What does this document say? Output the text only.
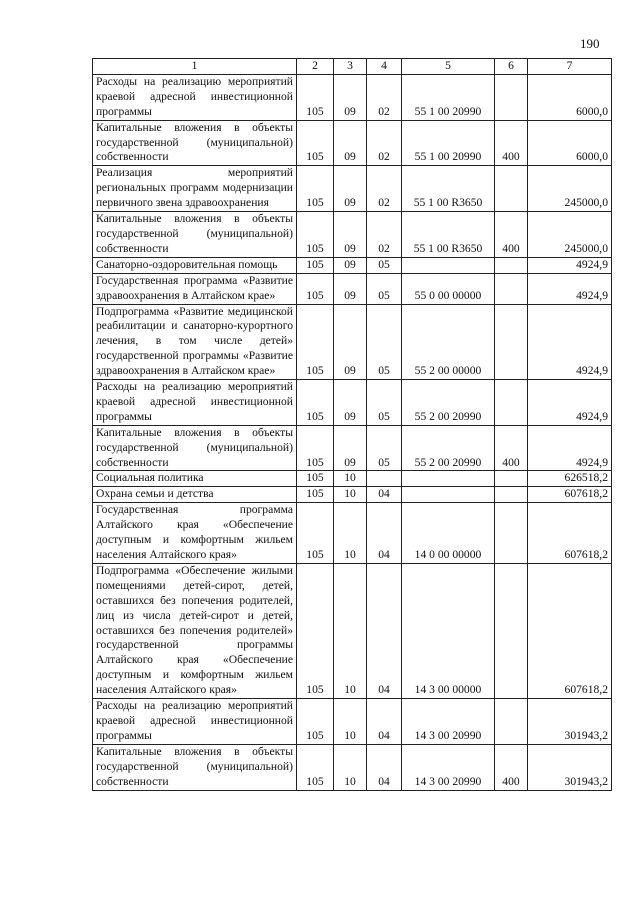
190
1	2	3	4	5	6	7
Расходы на реализацию мероприятий краевой адресной инвестиционной программы	105	09	02	55 1 00 20990		6000,0
Капитальные вложения в объекты государственной (муниципальной) собственности	105	09	02	55 1 00 20990	400	6000,0
Реализация мероприятий региональных программ модернизации первичного звена здравоохранения	105	09	02	55 1 00 R3650		245000,0
Капитальные вложения в объекты государственной (муниципальной) собственности	105	09	02	55 1 00 R3650	400	245000,0
Санаторно-оздоровительная помощь	105	09	05			4924,9
Государственная программа «Развитие здравоохранения в Алтайском крае»	105	09	05	55 0 00 00000		4924,9
Подпрограмма «Развитие медицинской реабилитации и санаторно-курортного лечения, в том числе детей» государственной программы «Развитие здравоохранения в Алтайском крае»	105	09	05	55 2 00 00000		4924,9
Расходы на реализацию мероприятий краевой адресной инвестиционной программы	105	09	05	55 2 00 20990		4924,9
Капитальные вложения в объекты государственной (муниципальной) собственности	105	09	05	55 2 00 20990	400	4924,9
Социальная политика	105	10				626518,2
Охрана семьи и детства	105	10	04			607618,2
Государственная программа Алтайского края «Обеспечение доступным и комфортным жильем населения Алтайского края»	105	10	04	14 0 00 00000		607618,2
Подпрограмма «Обеспечение жилыми помещениями детей-сирот, детей, оставшихся без попечения родителей, лиц из числа детей-сирот и детей, оставшихся без попечения родителей» государственной программы Алтайского края «Обеспечение доступным и комфортным жильем населения Алтайского края»	105	10	04	14 3 00 00000		607618,2
Расходы на реализацию мероприятий краевой адресной инвестиционной программы	105	10	04	14 3 00 20990		301943,2
Капитальные вложения в объекты государственной (муниципальной) собственности	105	10	04	14 3 00 20990	400	301943,2
